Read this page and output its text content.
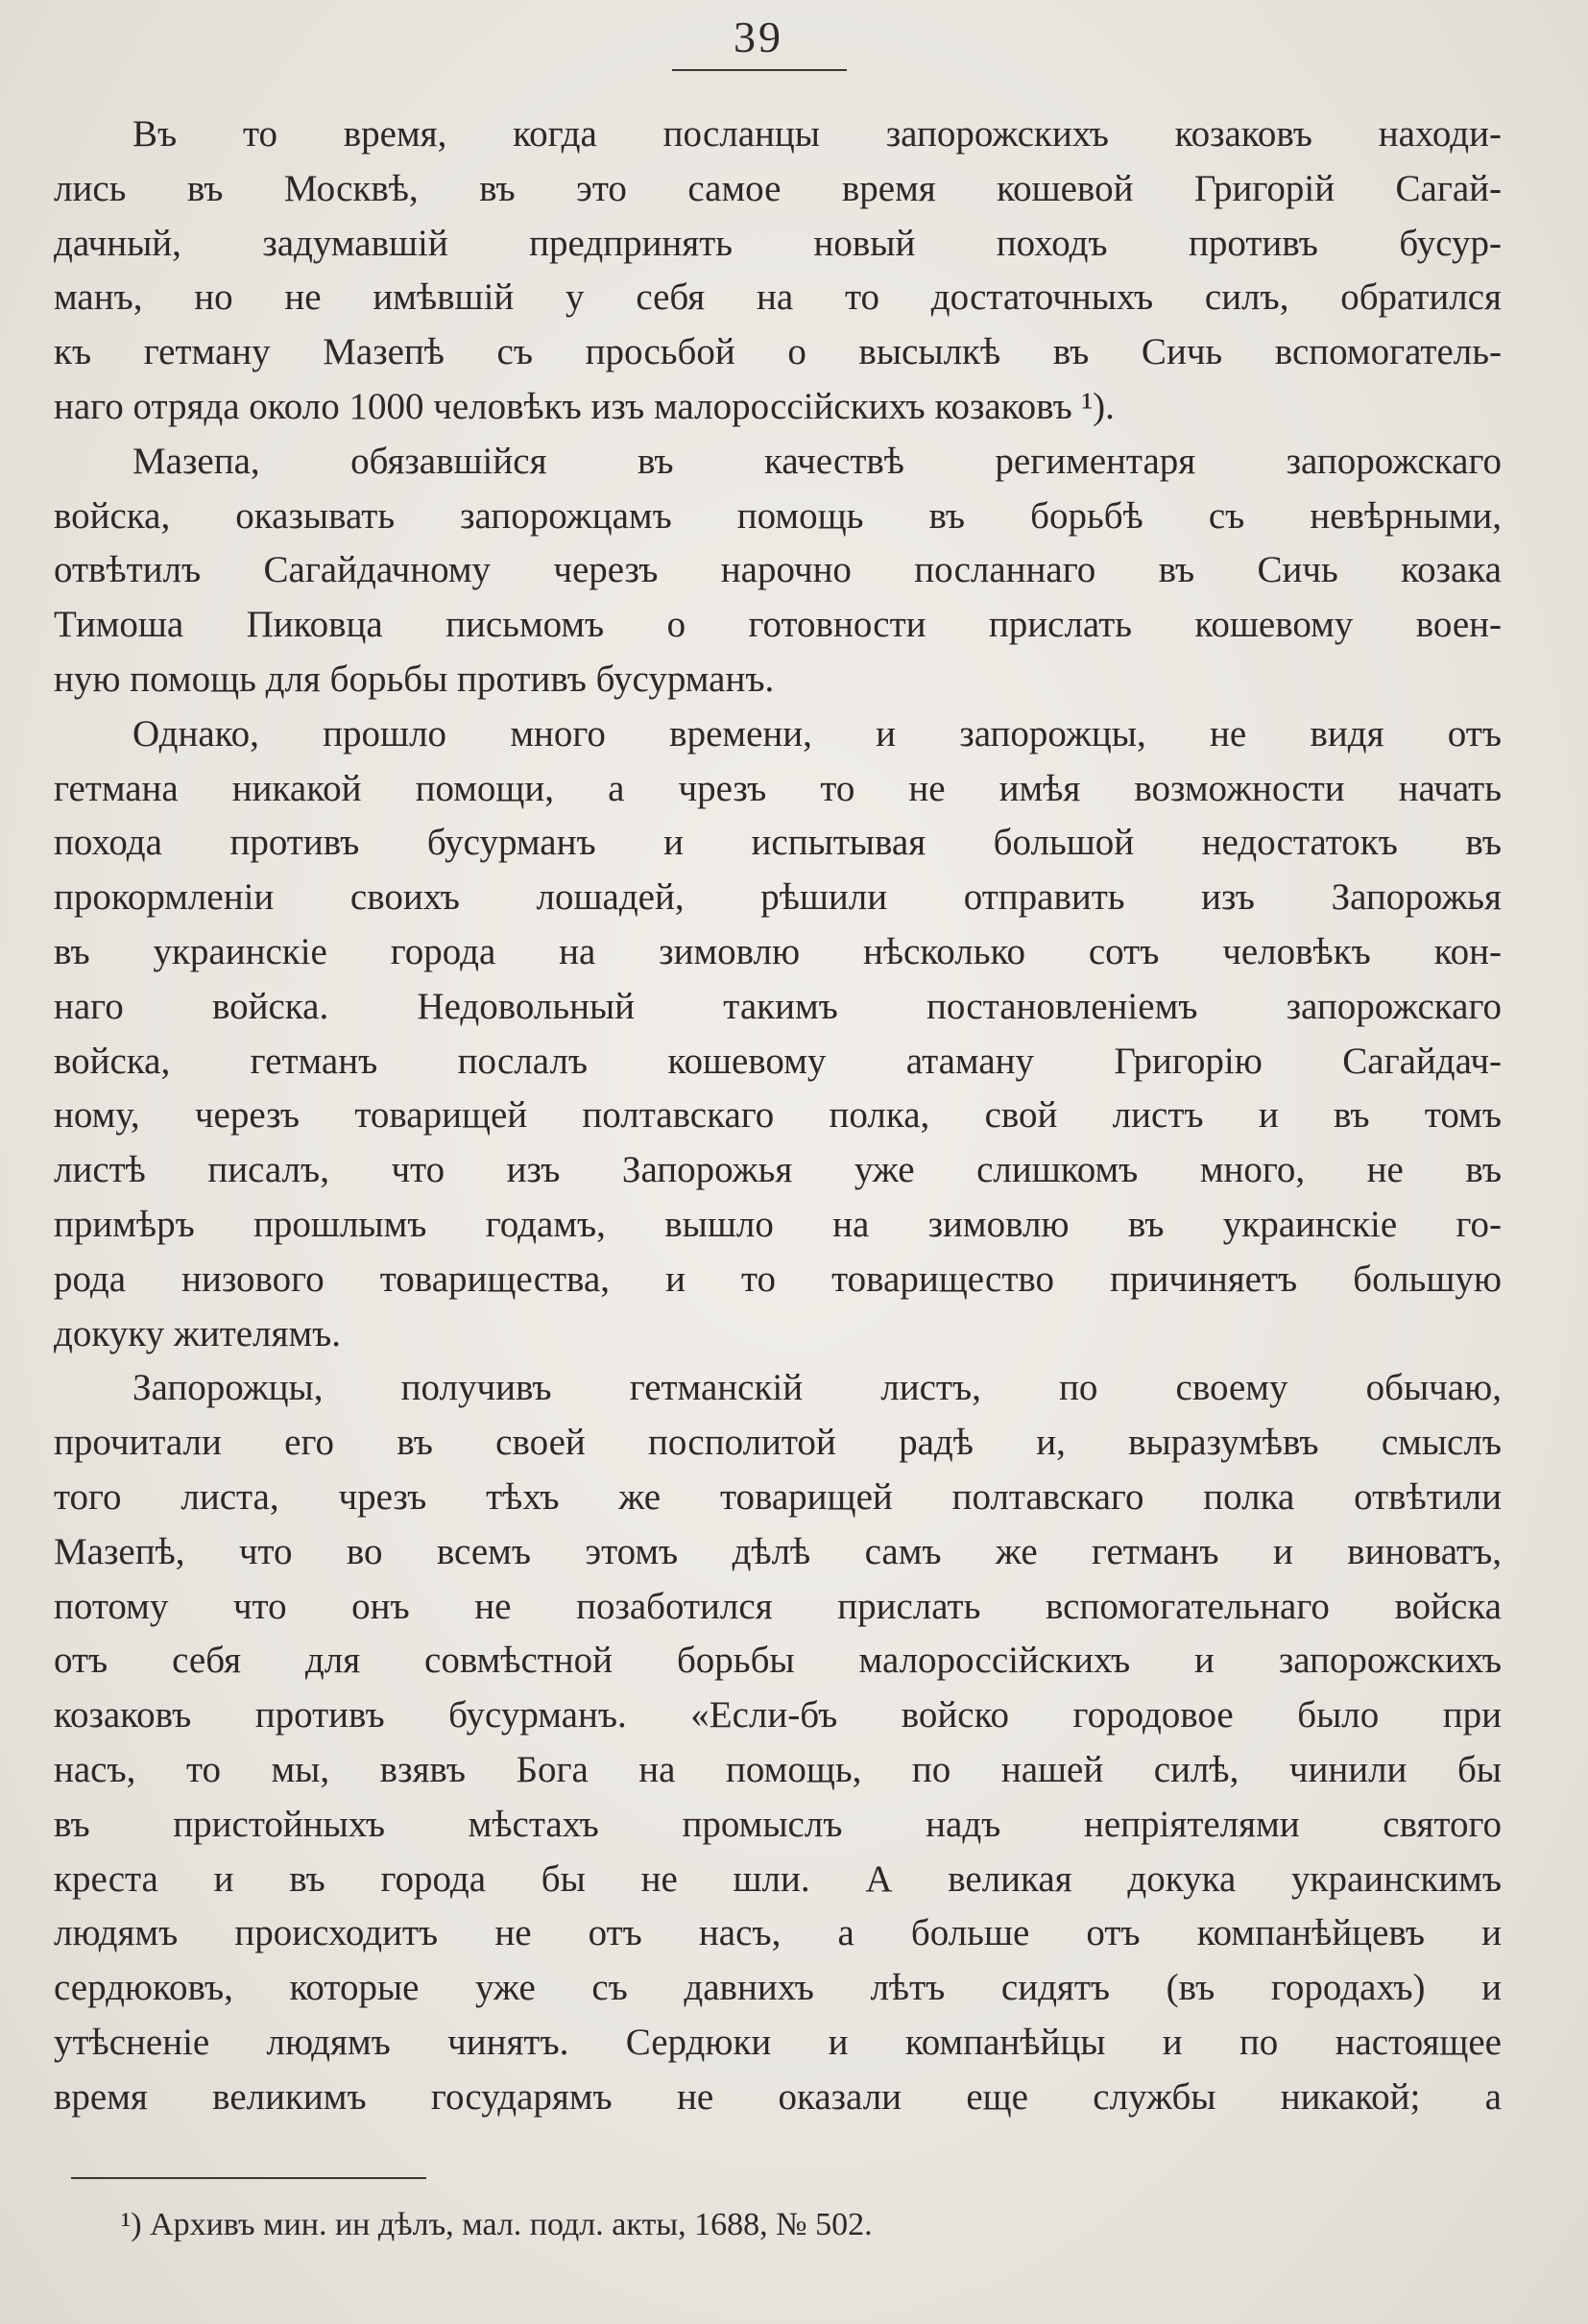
39
Въ то время, когда посланцы запорожскихъ козаковъ находи-
лись въ Москвѣ, въ это самое время кошевой Григорій Сагай-
дачный, задумавшій предпринять новый походъ противъ бусур-
манъ, но не имѣвшій у себя на то достаточныхъ силъ, обратился
къ гетману Мазепѣ съ просьбой о высылкѣ въ Сичь вспомогатель-
наго отряда около 1000 человѣкъ изъ малороссійскихъ козаковъ ¹).
Мазепа, обязавшійся въ качествѣ региментаря запорожскаго
войска, оказывать запорожцамъ помощь въ борьбѣ съ невѣрными,
отвѣтилъ Сагайдачному черезъ нарочно посланнаго въ Сичь козака
Тимоша Пиковца письмомъ о готовности прислать кошевому воен-
ную помощь для борьбы противъ бусурманъ.
Однако, прошло много времени, и запорожцы, не видя отъ
гетмана никакой помощи, а чрезъ то не имѣя возможности начать
похода противъ бусурманъ и испытывая большой недостатокъ въ
прокормленіи своихъ лошадей, рѣшили отправить изъ Запорожья
въ украинскіе города на зимовлю нѣсколько сотъ человѣкъ кон-
наго войска. Недовольный такимъ постановленіемъ запорожскаго
войска, гетманъ послалъ кошевому атаману Григорію Сагайдач-
ному, черезъ товарищей полтавскаго полка, свой листъ и въ томъ
листѣ писалъ, что изъ Запорожья уже слишкомъ много, не въ
примѣръ прошлымъ годамъ, вышло на зимовлю въ украинскіе го-
рода низового товарищества, и то товарищество причиняетъ большую
докуку жителямъ.
Запорожцы, получивъ гетманскій листъ, по своему обычаю,
прочитали его въ своей посполитой радѣ и, выразумѣвъ смыслъ
того листа, чрезъ тѣхъ же товарищей полтавскаго полка отвѣтили
Мазепѣ, что во всемъ этомъ дѣлѣ самъ же гетманъ и виноватъ,
потому что онъ не позаботился прислать вспомогательнаго войска
отъ себя для совмѣстной борьбы малороссійскихъ и запорожскихъ
козаковъ противъ бусурманъ. «Если-бъ войско городовое было при
насъ, то мы, взявъ Бога на помощь, по нашей силѣ, чинили бы
въ пристойныхъ мѣстахъ промыслъ надъ непріятелями святого
креста и въ города бы не шли. А великая докука украинскимъ
людямъ происходитъ не отъ насъ, а больше отъ компанѣйцевъ и
сердюковъ, которые уже съ давнихъ лѣтъ сидятъ (въ городахъ) и
утѣсненіе людямъ чинятъ. Сердюки и компанѣйцы и по настоящее
время великимъ государямъ не оказали еще службы никакой; а
¹) Архивъ мин. ин дѣлъ, мал. подл. акты, 1688, № 502.
